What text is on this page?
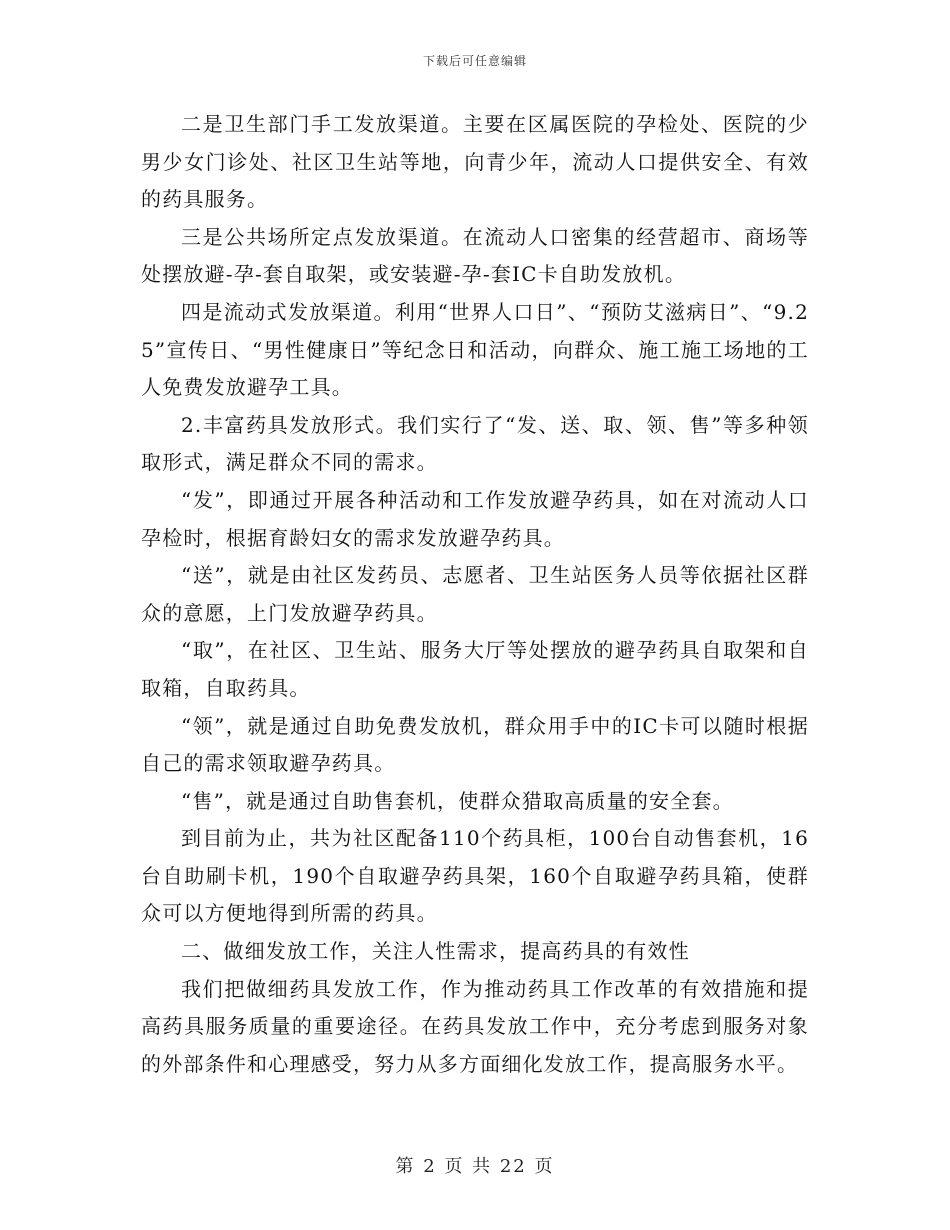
下载后可任意编辑

二是卫生部门手工发放渠道。主要在区属医院的孕检处、医院的少男少女门诊处、社区卫生站等地，向青少年，流动人口提供安全、有效的药具服务。

三是公共场所定点发放渠道。在流动人口密集的经营超市、商场等处摆放避-孕-套自取架，或安装避-孕-套IC卡自助发放机。

四是流动式发放渠道。利用“世界人口日”、“预防艾滋病日”、“9.25”宣传日、“男性健康日”等纪念日和活动，向群众、施工施工场地的工人免费发放避孕工具。

2.丰富药具发放形式。我们实行了“发、送、取、领、售”等多种领取形式，满足群众不同的需求。

“发”，即通过开展各种活动和工作发放避孕药具，如在对流动人口孕检时，根据育龄妇女的需求发放避孕药具。

“送”，就是由社区发药员、志愿者、卫生站医务人员等依据社区群众的意愿，上门发放避孕药具。

“取”，在社区、卫生站、服务大厅等处摆放的避孕药具自取架和自取箱，自取药具。

“领”，就是通过自助免费发放机，群众用手中的IC卡可以随时根据自己的需求领取避孕药具。

“售”，就是通过自助售套机，使群众猎取高质量的安全套。

到目前为止，共为社区配备110个药具柜，100台自动售套机，16台自助刷卡机，190个自取避孕药具架，160个自取避孕药具箱，使群众可以方便地得到所需的药具。

二、做细发放工作，关注人性需求，提高药具的有效性

我们把做细药具发放工作，作为推动药具工作改革的有效措施和提高药具服务质量的重要途径。在药具发放工作中，充分考虑到服务对象的外部条件和心理感受，努力从多方面细化发放工作，提高服务水平。

第 2 页 共 22 页
